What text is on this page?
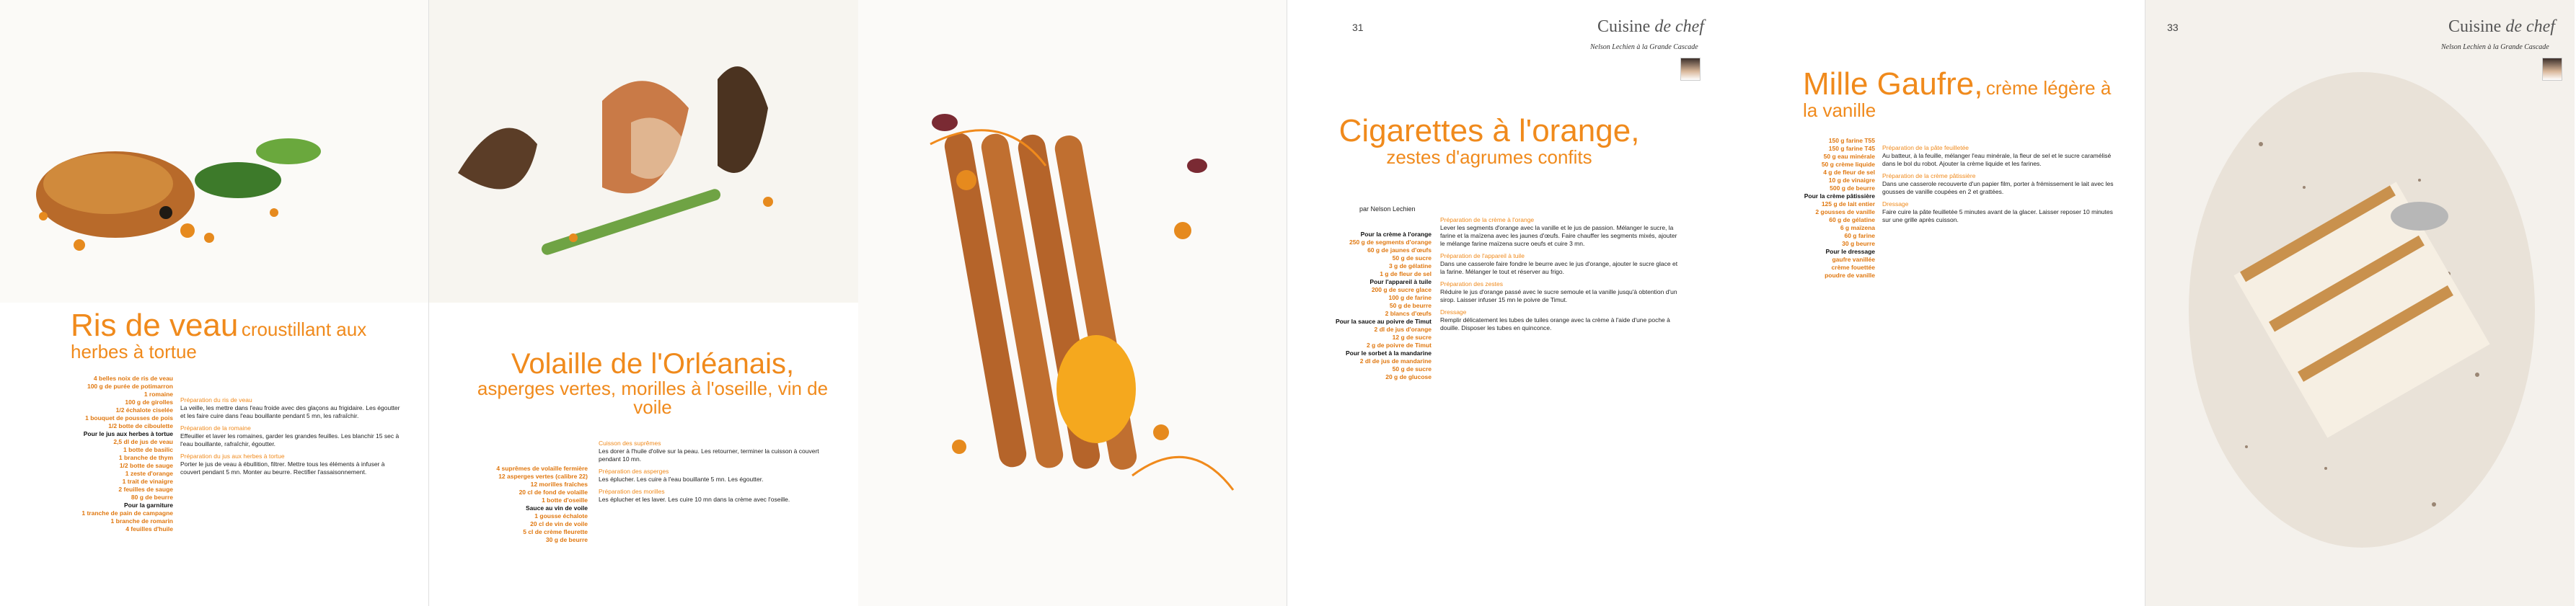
Ris de veau croustillant aux herbes à tortue
4 belles noix de ris de veau
100 g de purée de potimarron
1 romaine
100 g de girolles
1/2 échalote ciselée
1 bouquet de pousses de pois
1/2 botte de ciboulette
Pour le jus aux herbes à tortue
2,5 dl de jus de veau
1 botte de basilic
1 branche de thym
1/2 botte de sauge
1 zeste d'orange
1 trait de vinaigre
2 feuilles de sauge
80 g de beurre
Pour la garniture
1 tranche de pain de campagne
1 branche de romarin
4 feuilles d'huile
Préparation du ris de veau
La veille, les mettre dans l'eau froide avec des glaçons au frigidaire. Les égoutter et les faire cuire dans l'eau bouillante pendant 5 mn, les rafraîchir.
Préparation de la romaine
Effeuiller et laver les romaines, garder les grandes feuilles. Les blanchir 15 sec à l'eau bouillante, rafraîchir, égoutter.
Préparation du jus aux herbes à tortue
Porter le jus de veau à ébullition, filtrer. Mettre tous les éléments à infuser à couvert pendant 5 mn. Monter au beurre. Rectifier l'assaisonnement.
Volaille de l'Orléanais,
asperges vertes, morilles à l'oseille, vin de voile
4 suprêmes de volaille fermière
12 asperges vertes (calibre 22)
12 morilles fraîches
20 cl de fond de volaille
1 botte d'oseille
Sauce au vin de voile
1 gousse échalote
20 cl de vin de voile
5 cl de crème fleurette
30 g de beurre
Cuisson des suprêmes
Les dorer à l'huile d'olive sur la peau. Les retourner, terminer la cuisson à couvert pendant 10 mn.
Préparation des asperges
Les éplucher. Les cuire à l'eau bouillante 5 mn. Les égoutter.
Préparation des morilles
Les éplucher et les laver. Les cuire 10 mn dans la crème avec l'oseille.
31	Cuisine de chef
Nelson Lechien à la Grande Cascade
Cigarettes à l'orange,
zestes d'agrumes confits
par Nelson Lechien
Pour la crème à l'orange
250 g de segments d'orange
60 g de jaunes d'œufs
50 g de sucre
3 g de gélatine
1 g de fleur de sel
Pour l'appareil à tuile
200 g de sucre glace
100 g de farine
50 g de beurre
2 blancs d'œufs
Pour la sauce au poivre de Timut
2 dl de jus d'orange
12 g de sucre
2 g de poivre de Timut
Pour le sorbet à la mandarine
2 dl de jus de mandarine
50 g de sucre
20 g de glucose
Préparation de la crème à l'orange
Lever les segments d'orange avec la vanille et le jus de passion. Mélanger le sucre, la farine et la maïzena avec les jaunes d'œufs. Faire chauffer les segments mixés, ajouter le mélange farine maïzena sucre oeufs et cuire 3 mn.
Préparation de l'appareil à tuile
Dans une casserole faire fondre le beurre avec le jus d'orange, ajouter le sucre glace et la farine. Mélanger le tout et réserver au frigo.
Préparation des zestes
Réduire le jus d'orange passé avec le sucre semoule et la vanille jusqu'à obtention d'un sirop. Laisser infuser 15 mn le poivre de Timut.
Dressage
Remplir délicatement les tubes de tuiles orange avec la crème à l'aide d'une poche à douille. Disposer les tubes en quinconce.
Mille Gaufre, crème légère à la vanille
150 g farine T55
150 g farine T45
50 g eau minérale
50 g crème liquide
4 g de fleur de sel
10 g de vinaigre
500 g de beurre
Pour la crème pâtissière
125 g de lait entier
2 gousses de vanille
60 g de gélatine
6 g maïzena
60 g farine
30 g beurre
Pour le dressage
gaufre vanillée
crème fouettée
poudre de vanille
Préparation de la pâte feuilletée
Au batteur, à la feuille, mélanger l'eau minérale, la fleur de sel et le sucre caramélisé dans le bol du robot. Ajouter la crème liquide et les farines.
Préparation de la crème pâtissière
Dans une casserole recouverte d'un papier film, porter à frémissement le lait avec les gousses de vanille coupées en 2 et grattées.
Dressage
Faire cuire la pâte feuilletée 5 minutes avant de la glacer. Laisser reposer 10 minutes sur une grille après cuisson.
33	Cuisine de chef
Nelson Lechien à la Grande Cascade
